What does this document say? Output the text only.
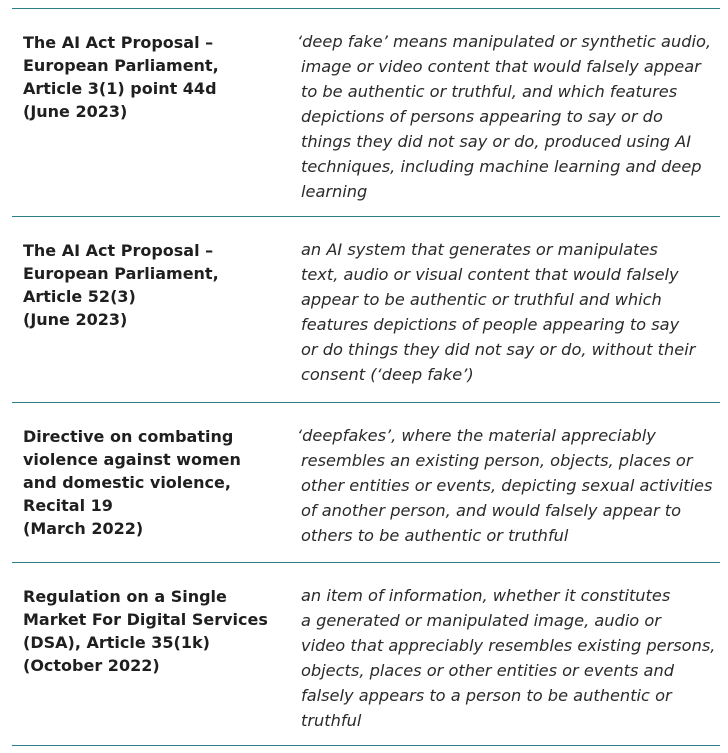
The AI Act Proposal –
European Parliament,
Article 3(1) point 44d
(June 2023)
‘deep fake’ means manipulated or synthetic audio,
image or video content that would falsely appear
to be authentic or truthful, and which features
depictions of persons appearing to say or do
things they did not say or do, produced using AI
techniques, including machine learning and deep
learning
The AI Act Proposal –
European Parliament,
Article 52(3)
(June 2023)
an AI system that generates or manipulates
text, audio or visual content that would falsely
appear to be authentic or truthful and which
features depictions of people appearing to say
or do things they did not say or do, without their
consent (‘deep fake’)
Directive on combating
violence against women
and domestic violence,
Recital 19
(March 2022)
‘deepfakes’, where the material appreciably
resembles an existing person, objects, places or
other entities or events, depicting sexual activities
of another person, and would falsely appear to
others to be authentic or truthful
Regulation on a Single
Market For Digital Services
(DSA), Article 35(1k)
(October 2022)
an item of information, whether it constitutes
a generated or manipulated image, audio or
video that appreciably resembles existing persons,
objects, places or other entities or events and
falsely appears to a person to be authentic or
truthful
